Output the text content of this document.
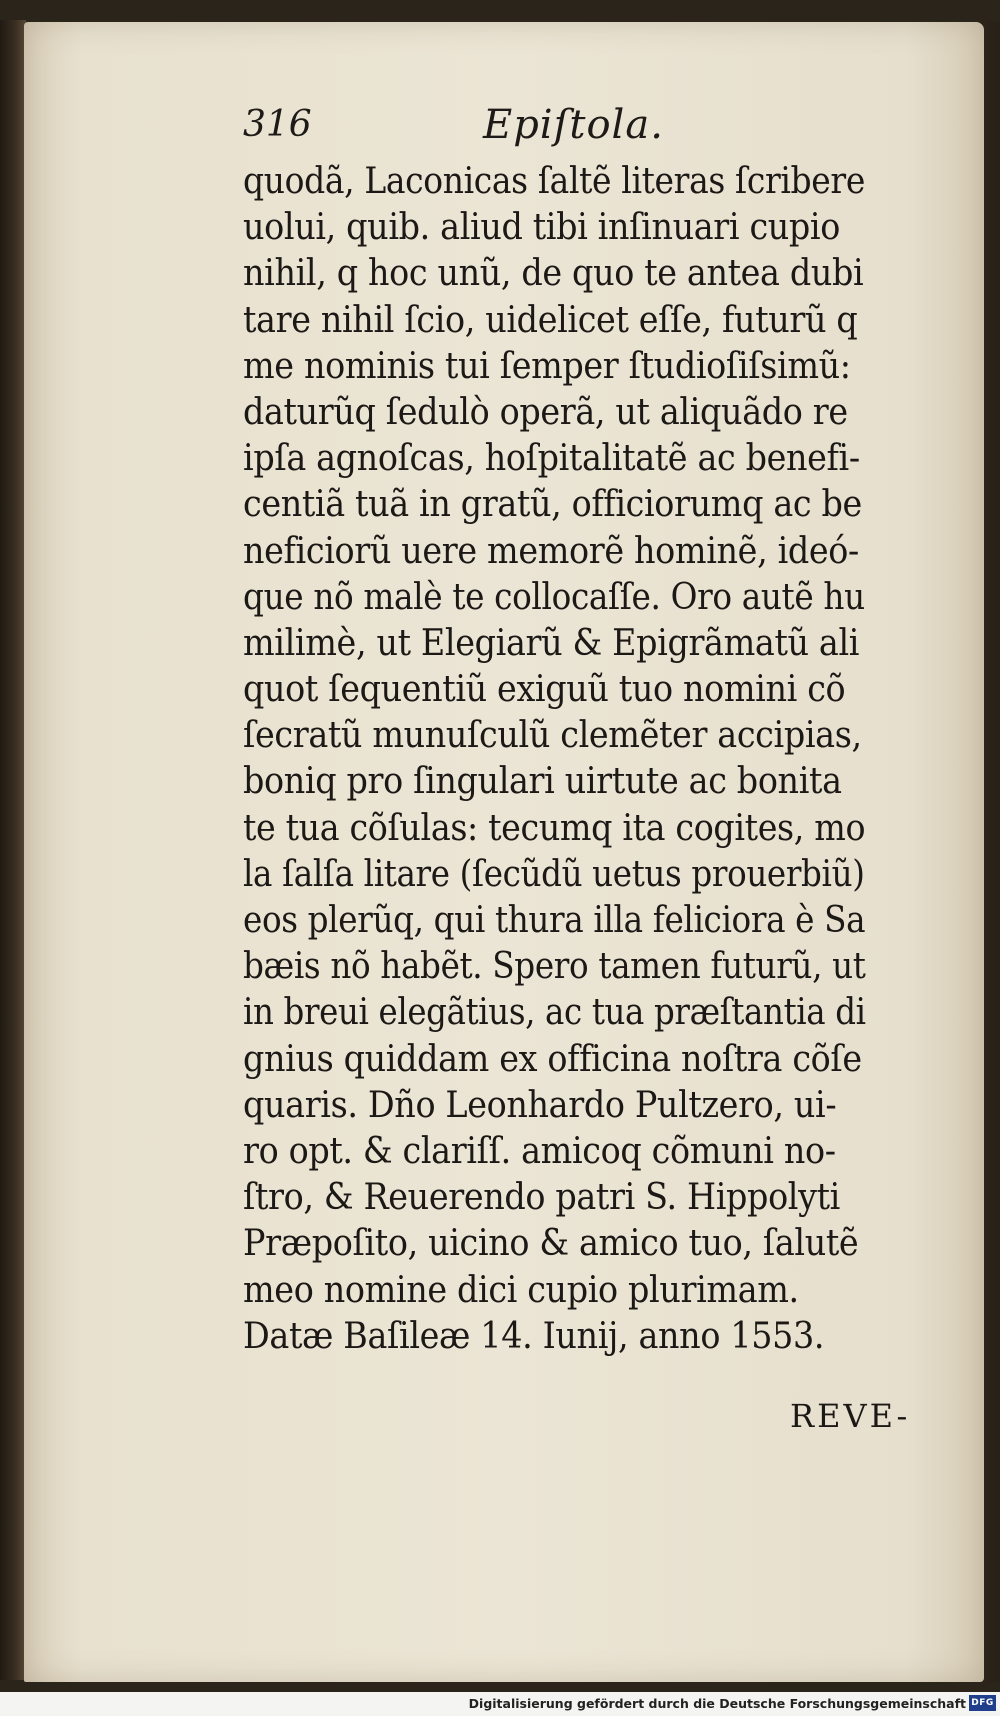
316	Epiſtola.
quodã, Laconicas ſaltẽ literas ſcribere
uolui, quib. aliud tibi inſinuari cupio
nihil, q hoc unũ, de quo te antea dubi
tare nihil ſcio, uidelicet eſſe, futurũ q
me nominis tui ſemper ſtudioſiſsimũ:
daturũq ſedulò operã, ut aliquãdo re
ipſa agnoſcas, hoſpitalitatẽ ac benefi-
centiã tuã in gratũ, officiorumq ac be
neficiorũ uere memorẽ hominẽ, ideó-
que nõ malè te collocaſſe. Oro autẽ hu
milimè, ut Elegiarũ & Epigrãmatũ ali
quot ſequentiũ exiguũ tuo nomini cõ
ſecratũ munuſculũ clemẽter accipias,
boniq pro ſingulari uirtute ac bonita
te tua cõſulas: tecumq ita cogites, mo
la ſalſa litare (ſecũdũ uetus prouerbiũ)
eos plerũq, qui thura illa feliciora è Sa
bæis nõ habẽt. Spero tamen futurũ, ut
in breui elegãtius, ac tua præſtantia di
gnius quiddam ex officina noſtra cõſe
quaris. Dño Leonhardo Pultzero, ui-
ro opt. & clariſſ. amicoq cõmuni no-
ſtro, & Reuerendo patri S. Hippolyti
Præpoſito, uicino & amico tuo, ſalutẽ
meo nomine dici cupio plurimam.
Datæ Baſileæ 14. Iunij, anno 1553.
REVE-
Digitalisierung gefördert durch die Deutsche Forschungsgemeinschaft DFG
